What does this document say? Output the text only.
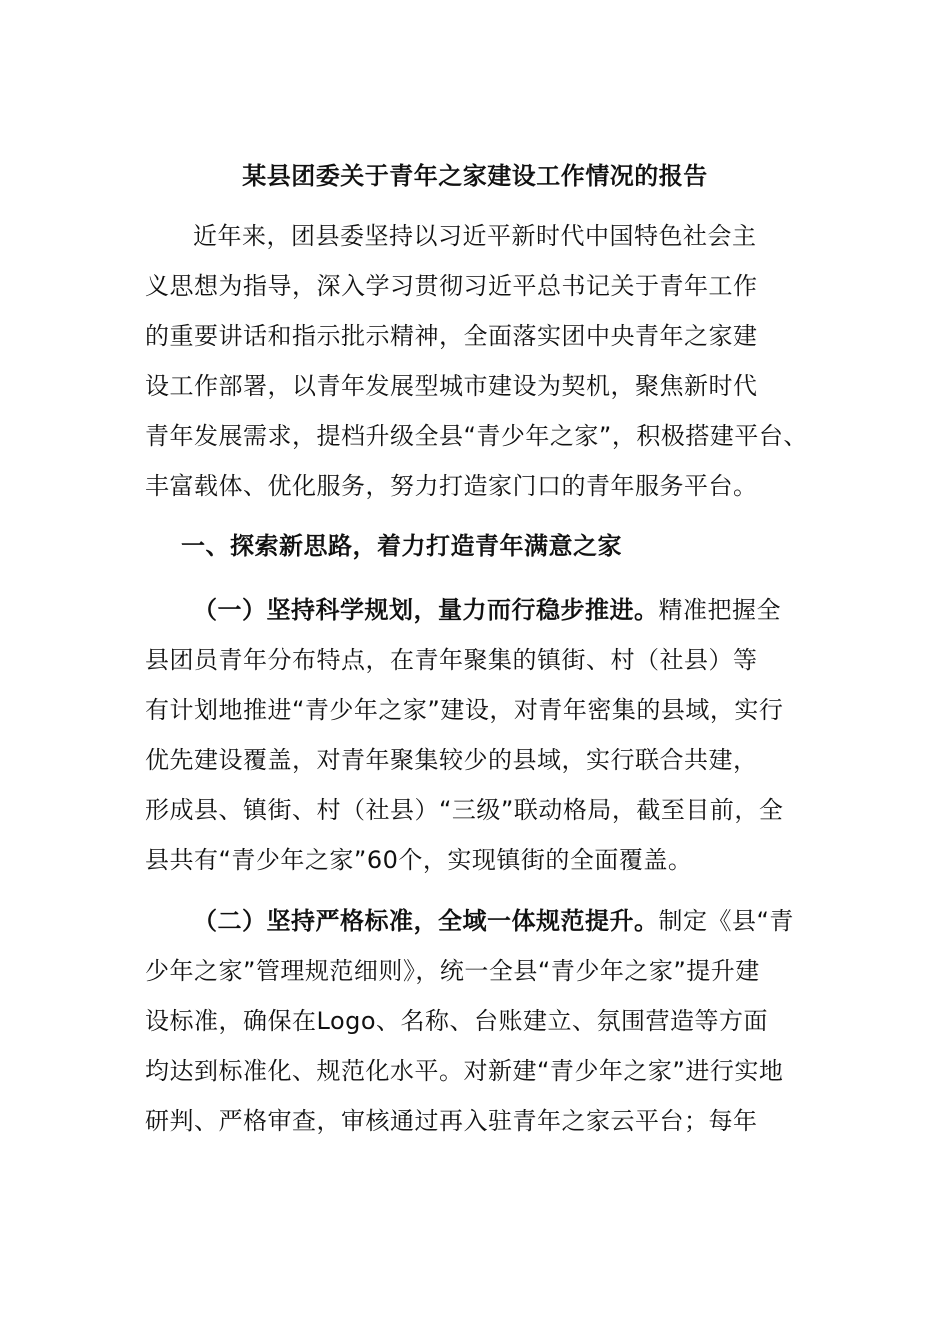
某县团委关于青年之家建设工作情况的报告
近年来，团县委坚持以习近平新时代中国特色社会主
义思想为指导，深入学习贯彻习近平总书记关于青年工作
的重要讲话和指示批示精神，全面落实团中央青年之家建
设工作部署，以青年发展型城市建设为契机，聚焦新时代
青年发展需求，提档升级全县“青少年之家”，积极搭建平台、
丰富载体、优化服务，努力打造家门口的青年服务平台。
一、探索新思路，着力打造青年满意之家
（一）坚持科学规划，量力而行稳步推进。精准把握全
县团员青年分布特点，在青年聚集的镇街、村（社县）等
有计划地推进“青少年之家”建设，对青年密集的县域，实行
优先建设覆盖，对青年聚集较少的县域，实行联合共建，
形成县、镇街、村（社县）“三级”联动格局，截至目前，全
县共有“青少年之家”60个，实现镇街的全面覆盖。
（二）坚持严格标准，全域一体规范提升。制定《县“青
少年之家”管理规范细则》，统一全县“青少年之家”提升建
设标准，确保在Logo、名称、台账建立、氛围营造等方面
均达到标准化、规范化水平。对新建“青少年之家”进行实地
研判、严格审查，审核通过再入驻青年之家云平台；每年
